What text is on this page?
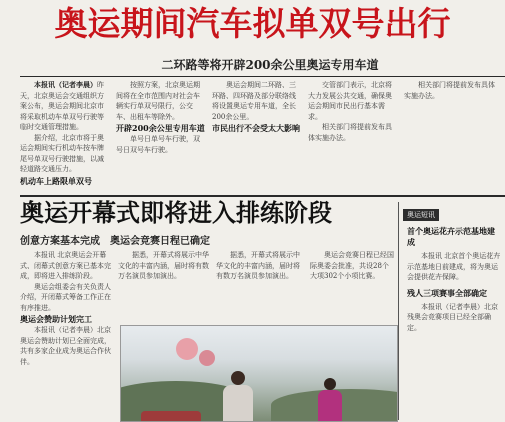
奥运期间汽车拟单双号出行
二环路等将开辟200余公里奥运专用车道

本报讯（记者李晨）昨天，北京奥运会交通组织方案公布，奥运会期间北京市将采取机动车单双号行驶等临时交通管理措施。

据介绍，北京市将于奥运会期间实行机动车按车牌尾号单双号行驶措施，以减轻道路交通压力。

机动车上路限单双号

按照方案，北京奥运期间将在全市范围内对社会车辆实行单双号限行，公交车、出租车等除外。

开辟200余公里专用车道

单号日单号车行驶，双号日双号车行驶。

奥运会期间二环路、三环路、四环路及部分联络线将设置奥运专用车道，全长200余公里。

市民出行不会受太大影响

交管部门表示，北京将大力发展公共交通，确保奥运会期间市民出行基本需求。

相关部门将提前发布具体实施办法。

相关部门将提前发布具体实施办法。

奥运开幕式即将进入排练阶段
创意方案基本完成　奥运会竞赛日程已确定

本报讯 北京奥运会开幕式、闭幕式创意方案已基本完成，即将进入排练阶段。

奥运会组委会有关负责人介绍，开闭幕式筹备工作正在有序推进。

奥运会赞助计划完工

本报讯（记者李晨）北京奥运会赞助计划已全面完成，共有多家企业成为奥运合作伙伴。

据悉，开幕式将展示中华文化的丰富内涵，届时将有数万名演员参加演出。

据悉，开幕式将展示中华文化的丰富内涵，届时将有数万名演员参加演出。

奥运会竞赛日程已经国际奥委会批准，共设28个大项302个小项比赛。

奥运短讯
首个奥运花卉示范基地建成

本报讯 北京首个奥运花卉示范基地日前建成，将为奥运会提供花卉保障。

残人三项赛事全部确定

本报讯（记者李晨）北京残奥会竞赛项目已经全部确定。
